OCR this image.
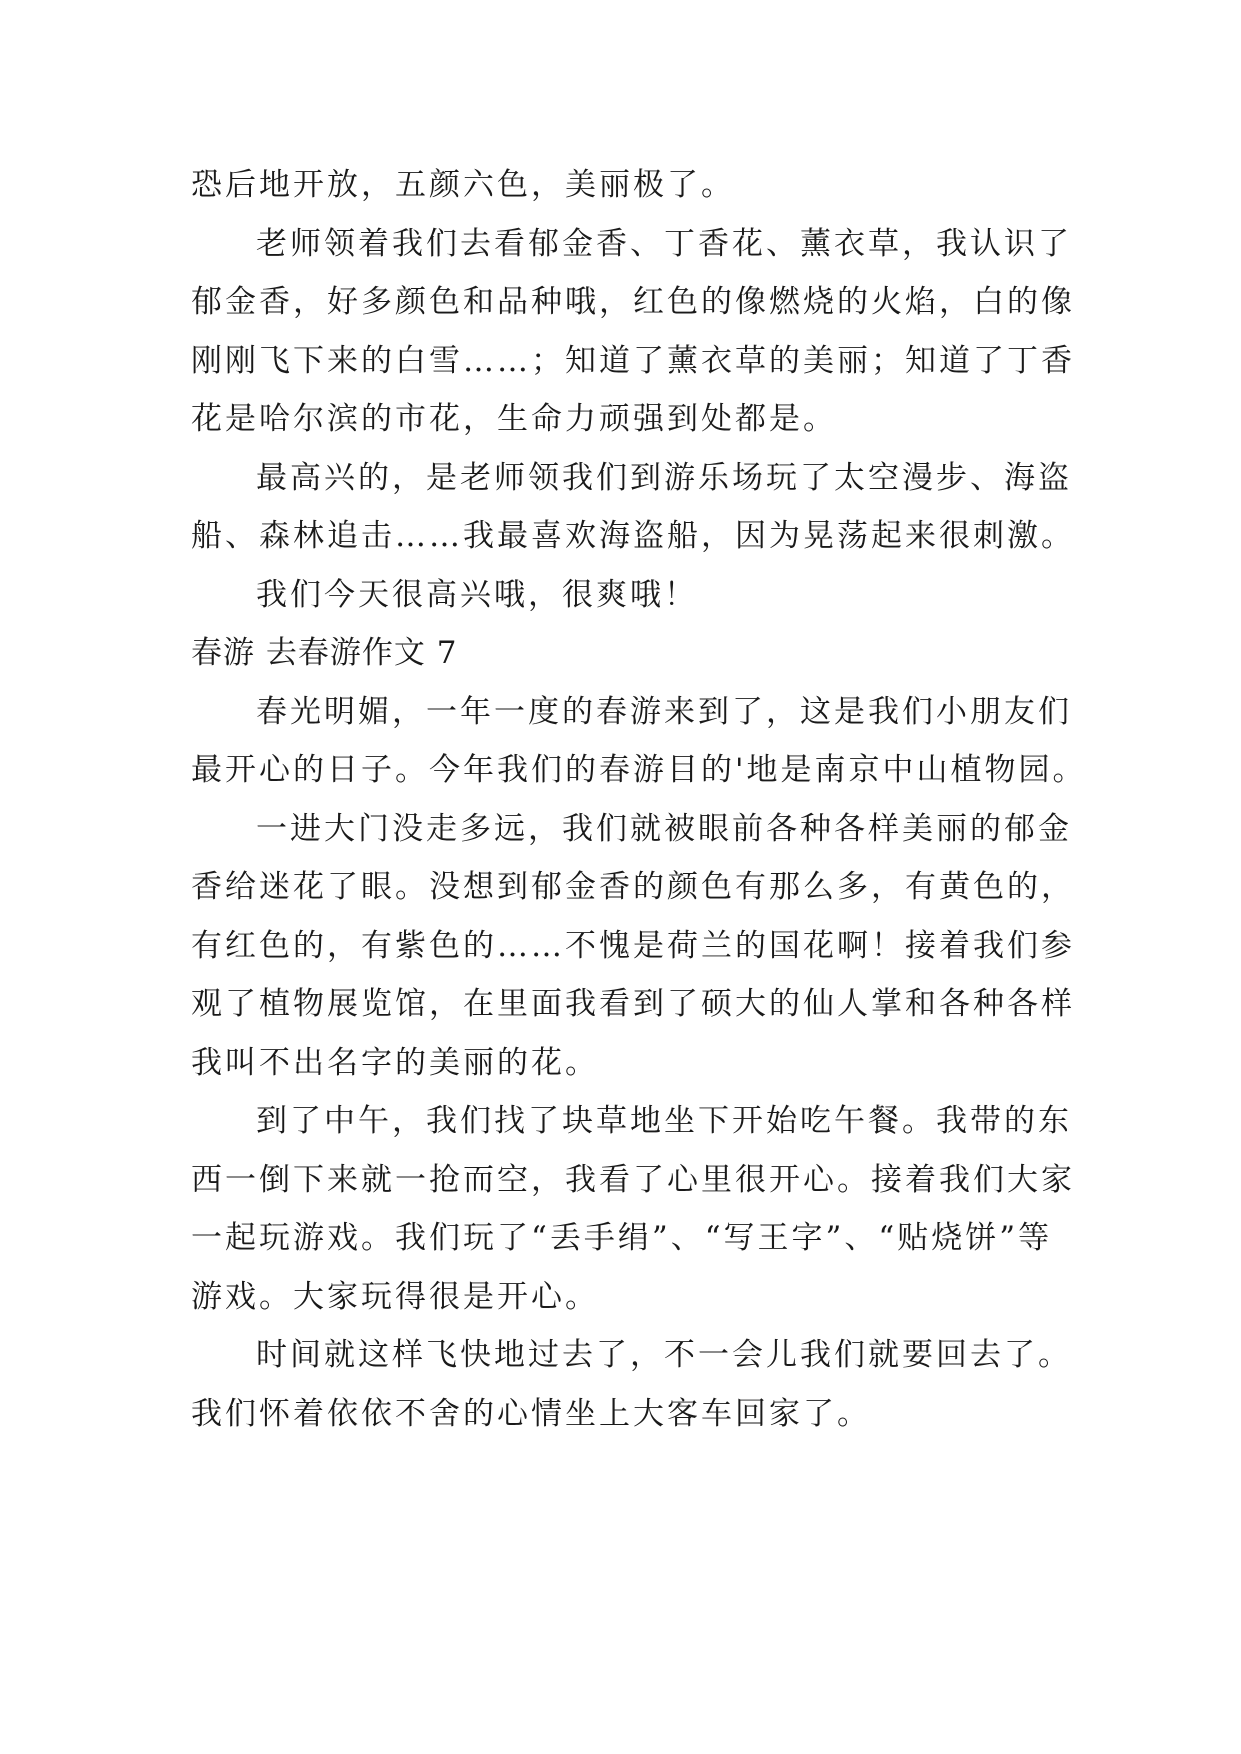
恐后地开放，五颜六色，美丽极了。
老师领着我们去看郁金香、丁香花、薰衣草，我认识了
郁金香，好多颜色和品种哦，红色的像燃烧的火焰，白的像
刚刚飞下来的白雪……；知道了薰衣草的美丽；知道了丁香
花是哈尔滨的市花，生命力顽强到处都是。
最高兴的，是老师领我们到游乐场玩了太空漫步、海盗
船、森林追击……我最喜欢海盗船，因为晃荡起来很刺激。
我们今天很高兴哦，很爽哦！
春游 去春游作文 7
春光明媚，一年一度的春游来到了，这是我们小朋友们
最开心的日子。今年我们的春游目的'地是南京中山植物园。
一进大门没走多远，我们就被眼前各种各样美丽的郁金
香给迷花了眼。没想到郁金香的颜色有那么多，有黄色的，
有红色的，有紫色的……不愧是荷兰的国花啊！接着我们参
观了植物展览馆，在里面我看到了硕大的仙人掌和各种各样
我叫不出名字的美丽的花。
到了中午，我们找了块草地坐下开始吃午餐。我带的东
西一倒下来就一抢而空，我看了心里很开心。接着我们大家
一起玩游戏。我们玩了“丢手绢”、“写王字”、“贴烧饼”等
游戏。大家玩得很是开心。
时间就这样飞快地过去了，不一会儿我们就要回去了。
我们怀着依依不舍的心情坐上大客车回家了。
